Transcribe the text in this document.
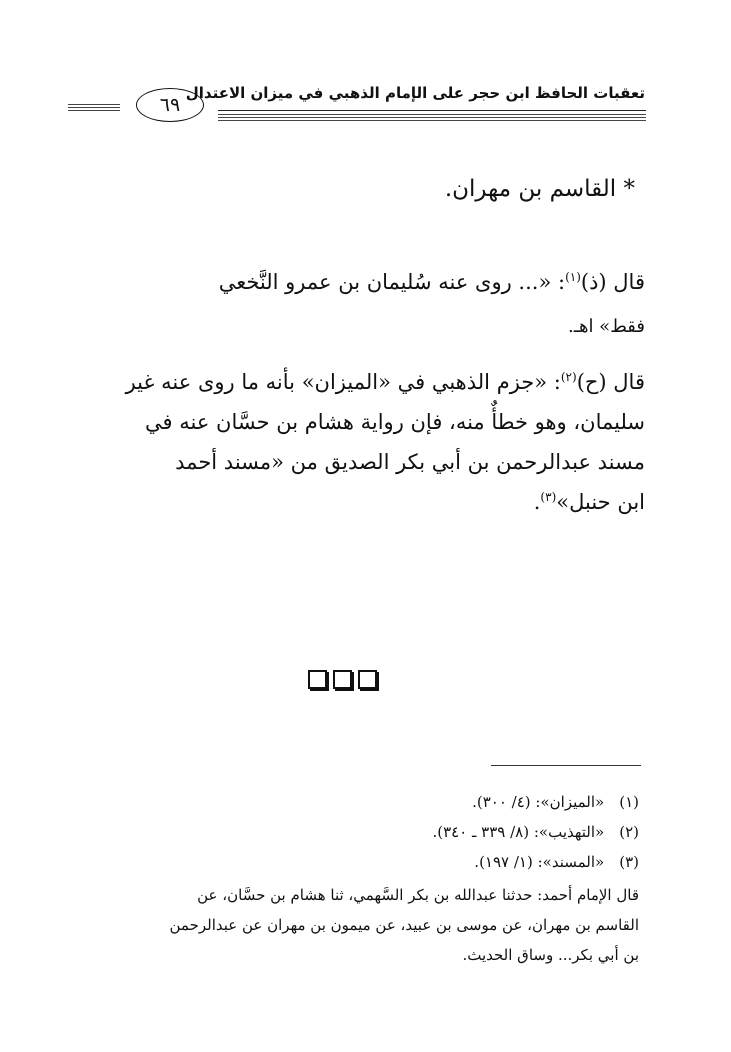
تعقبات الحافظ ابن حجر على الإمام الذهبي في ميزان الاعتدال
٦٩
* القاسم بن مهران.
قال (ذ)$^{(١)}$: «... روى عنه سُليمان بن عمرو النَّخعي
فقط» اهـ.
قال (ح)$^{(٢)}$: «جزم الذهبي في «الميزان» بأنه ما روى عنه غير
سليمان، وهو خطأٌ منه، فإن رواية هشام بن حسَّان عنه في
مسند عبدالرحمن بن أبي بكر الصديق من «مسند أحمد
ابن حنبل»$^{(٣)}$.
(١) «الميزان»: (٤/ ٣٠٠).
(٢) «التهذيب»: (٨/ ٣٣٩ ـ ٣٤٠).
(٣) «المسند»: (١/ ١٩٧).
قال الإمام أحمد: حدثنا عبدالله بن بكر السَّهمي، ثنا هشام بن حسَّان، عن
القاسم بن مهران، عن موسى بن عبيد، عن ميمون بن مهران عن عبدالرحمن
بن أبي بكر... وساق الحديث.
